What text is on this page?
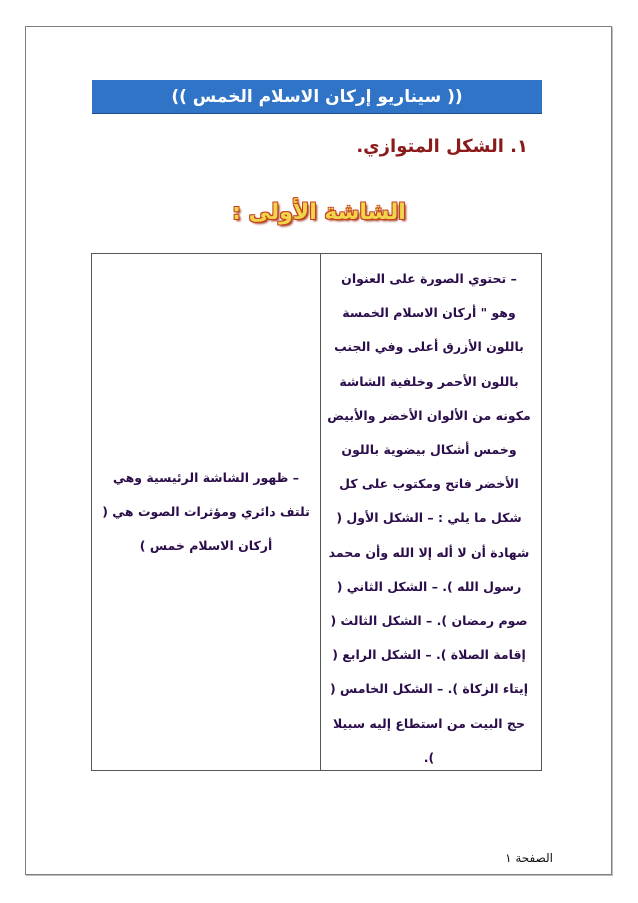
(( سيناريو إركان الاسلام الخمس ))
١. الشكل المتوازي.
الشاشة الأولى :
– ظهور الشاشة الرئيسية وهي تلتف دائري ومؤثرات الصوت هي ( أركان الاسلام خمس )
– تحتوي الصورة على العنوان وهو " أركان الاسلام الخمسة باللون الأزرق أعلى وفي الجنب باللون الأحمر وخلفية الشاشة مكونه من الألوان الأخضر والأبيض وخمس أشكال بيضوية باللون الأخضر فاتح ومكتوب على كل شكل ما يلي : – الشكل الأول ( شهادة أن لا أله إلا الله وأن محمد رسول الله ). – الشكل الثاني ( صوم رمضان ). – الشكل الثالث ( إقامة الصلاة ). – الشكل الرابع ( إيتاء الزكاة ). – الشكل الخامس ( حج البيت من استطاع إليه سبيلا ).
الصفحة ١
